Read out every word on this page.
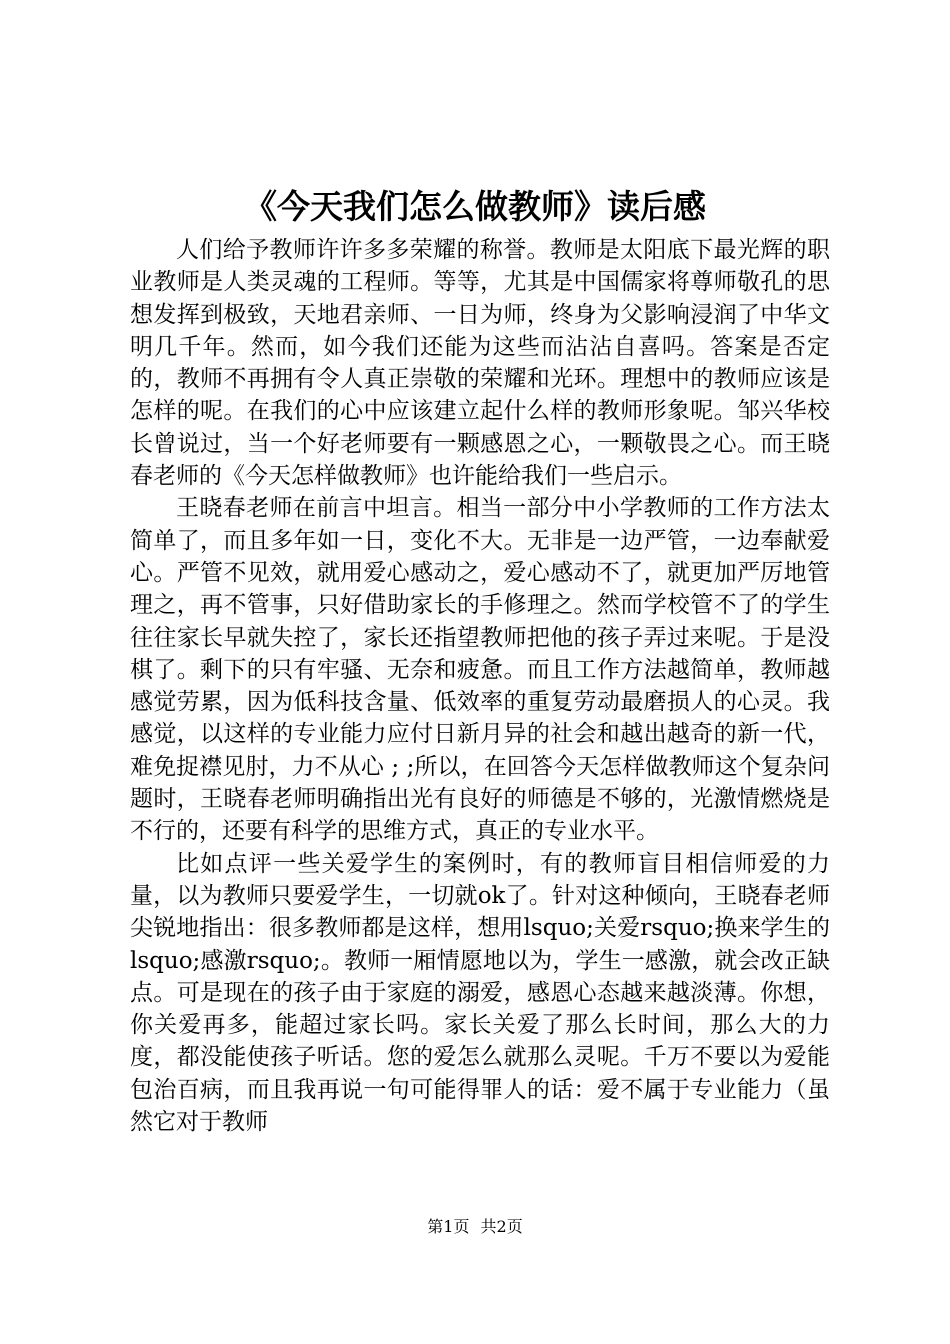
《今天我们怎么做教师》读后感

人们给予教师许许多多荣耀的称誉。教师是太阳底下最光辉的职业教师是人类灵魂的工程师。等等，尤其是中国儒家将尊师敬孔的思想发挥到极致，天地君亲师、一日为师，终身为父影响浸润了中华文明几千年。然而，如今我们还能为这些而沾沾自喜吗。答案是否定的，教师不再拥有令人真正崇敬的荣耀和光环。理想中的教师应该是怎样的呢。在我们的心中应该建立起什么样的教师形象呢。邹兴华校长曾说过，当一个好老师要有一颗感恩之心，一颗敬畏之心。而王晓春老师的《今天怎样做教师》也许能给我们一些启示。

王晓春老师在前言中坦言。相当一部分中小学教师的工作方法太简单了，而且多年如一日，变化不大。无非是一边严管，一边奉献爱心。严管不见效，就用爱心感动之，爱心感动不了，就更加严厉地管理之，再不管事，只好借助家长的手修理之。然而学校管不了的学生往往家长早就失控了，家长还指望教师把他的孩子弄过来呢。于是没棋了。剩下的只有牢骚、无奈和疲惫。而且工作方法越简单，教师越感觉劳累，因为低科技含量、低效率的重复劳动最磨损人的心灵。我感觉，以这样的专业能力应付日新月异的社会和越出越奇的新一代，难免捉襟见肘，力不从心 ; ;所以，在回答今天怎样做教师这个复杂问题时，王晓春老师明确指出光有良好的师德是不够的，光激情燃烧是不行的，还要有科学的思维方式，真正的专业水平。

比如点评一些关爱学生的案例时，有的教师盲目相信师爱的力量，以为教师只要爱学生，一切就ok了。针对这种倾向，王晓春老师尖锐地指出：很多教师都是这样，想用lsquo;关爱rsquo;换来学生的lsquo;感激rsquo;。教师一厢情愿地以为，学生一感激，就会改正缺点。可是现在的孩子由于家庭的溺爱，感恩心态越来越淡薄。你想，你关爱再多，能超过家长吗。家长关爱了那么长时间，那么大的力度，都没能使孩子听话。您的爱怎么就那么灵呢。千万不要以为爱能包治百病，而且我再说一句可能得罪人的话：爱不属于专业能力（虽然它对于教师

第1页 共2页
